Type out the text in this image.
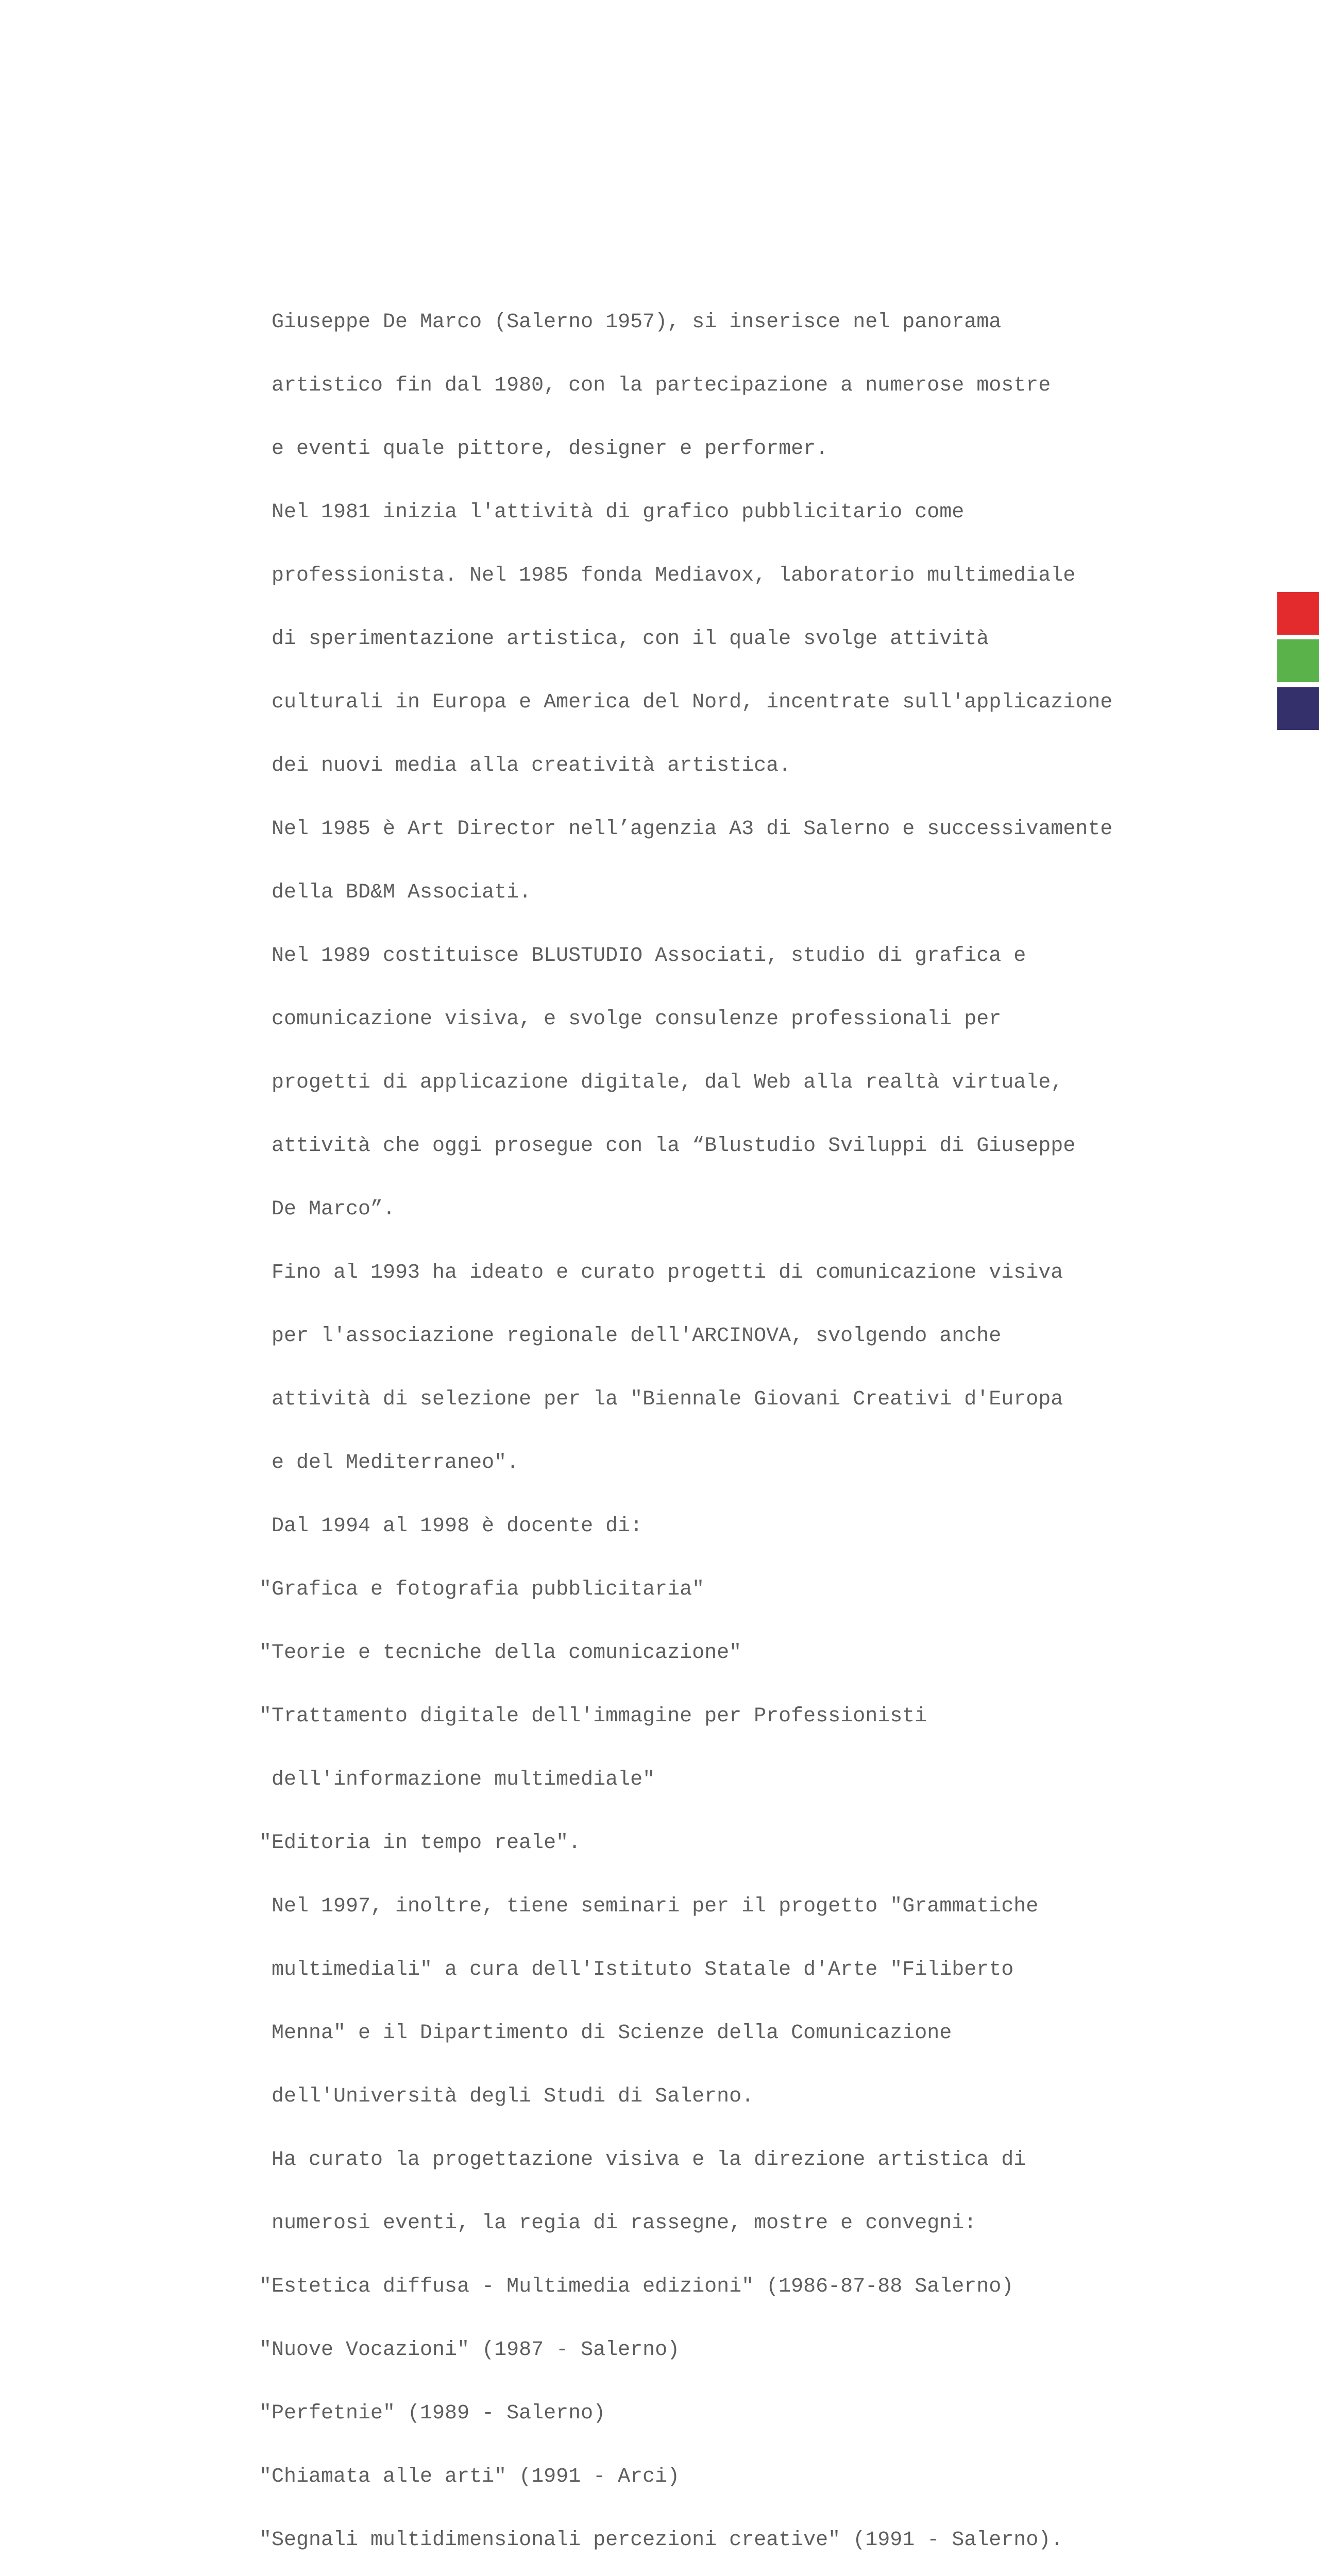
Giuseppe De Marco (Salerno 1957), si inserisce nel panorama

artistico fin dal 1980, con la partecipazione a numerose mostre

e eventi quale pittore, designer e performer.

Nel 1981 inizia l'attività di grafico pubblicitario come

professionista. Nel 1985 fonda Mediavox, laboratorio multimediale

di sperimentazione artistica, con il quale svolge attività

culturali in Europa e America del Nord, incentrate sull'applicazione

dei nuovi media alla creatività artistica.

Nel 1985 è Art Director nell’agenzia A3 di Salerno e successivamente

della BD&M Associati.

Nel 1989 costituisce BLUSTUDIO Associati, studio di grafica e

comunicazione visiva, e svolge consulenze professionali per

progetti di applicazione digitale, dal Web alla realtà virtuale,

attività che oggi prosegue con la “Blustudio Sviluppi di Giuseppe

De Marco”.

Fino al 1993 ha ideato e curato progetti di comunicazione visiva

per l'associazione regionale dell'ARCINOVA, svolgendo anche

attività di selezione per la "Biennale Giovani Creativi d'Europa

e del Mediterraneo".

Dal 1994 al 1998 è docente di:

"Grafica e fotografia pubblicitaria"

"Teorie e tecniche della comunicazione"

"Trattamento digitale dell'immagine per Professionisti

dell'informazione multimediale"

"Editoria in tempo reale".

Nel 1997, inoltre, tiene seminari per il progetto "Grammatiche

multimediali" a cura dell'Istituto Statale d'Arte "Filiberto

Menna" e il Dipartimento di Scienze della Comunicazione

dell'Università degli Studi di Salerno.

Ha curato la progettazione visiva e la direzione artistica di

numerosi eventi, la regia di rassegne, mostre e convegni:

"Estetica diffusa - Multimedia edizioni" (1986-87-88 Salerno)

"Nuove Vocazioni" (1987 - Salerno)

"Perfetnie" (1989 - Salerno)

"Chiamata alle arti" (1991 - Arci)

"Segnali multidimensionali percezioni creative" (1991 - Salerno).
